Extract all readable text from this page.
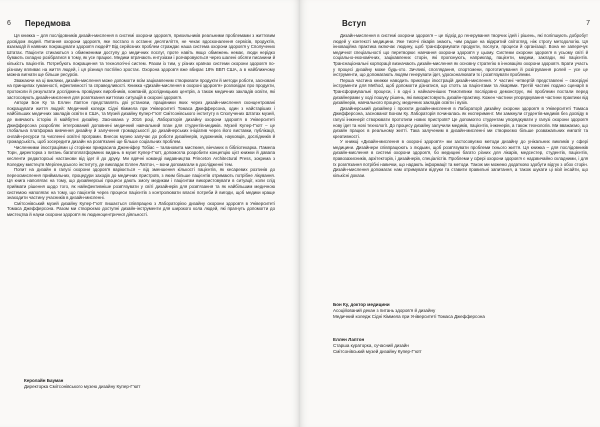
6 Передмова

Ця книжка – для послідовників дизайн-мислення в системі охорони здоров’я, прихильників реальними проблемами з життєвим досвідом людей. Питання охорони здоров’я, яке постало в останнє десятиліття, не чекає вдосконалення сервісів, продуктів, взаємодії й наявних покращувати здоров’я людей? Від серйозних проблем страждає наша система охорони здоров’я у Сполучених Штатах. Пацієнти стикаються з обмеженими доступу до медичних послуг, проте навіть якщо обмежень немає, люди нерідко бувають складно розібратися в тому, як усе працює. Медики втрачають ентузіазм і розчаровуються через шалені обсяги писанини й кількість пацієнтів. Потребують покращення та технологічні систем. Разом із тим, у різних країнах системи охорони здоров’я по-різному впливає на життя людей, і ця різниця постійно зростає. Охорона здоров’я вже вбирає 18% ВВП США, а в найближчому можна вигнати ще більше ресурсів.

Зважаючи на ці виклики, дизайн-мислення може допомогти всім зацікавленим створювати продукти й методи роботи, засновані на принципах гуманності, ефективності та справедливості. Книжка «Дизайн-мислення в охороні здоров’я» розповідає про продукти, протоколи й результати досліджень провідних виробників, компаній, дослідницьких центрів, а також медичних закладів освіти, які застосовують дизайн-мислення для розв’язання життєвих ситуацій в охороні здоров’я.

Автори Бон Ку та Еллен Лаптон представлять дві установи, працівники яких через дизайн-мислення сконцентровані покращувати життя людей: Медичний коледж Сідні Кіммела при Університеті Томаса Джефферсона, один з найстаріших і найбільших медичних закладів освіти в США, та Музей дизайну Купер-Г’юїт Смітсонівського інституту в Сполучених Штатах музей, де вивчають історію й майбутнє дизайну. Заснована у 2016 році, Лабораторія дизайну охорони здоров’я в Університеті Джефферсона розробляє інтегрований доповнені медичний навчальний план для студентів-медиків. Музей Купер-Г’юїт – це глобальна платформа вивчення дизайну й залучення громадськості до дизайнерських ініціатив через його виставки, публікації, онлайн-ресурси та численні освітні програми. Внесок музею залучає до роботи дизайнерів, художників, науковців, дослідників й громадськість, щоб зосередити дизайн на розв’язанні ще більше соціальних проблем.

Численними ілюстраціями ці сторінки прикрасила Дженніфер Тобіас – талановита мисткиня, вінчаних в бібліотекарка. Памела Торн, директорка з питань багатоплатформних видань в музеї Купер-Г’юїт, допомогла розробити концепцію цієї книжки й давала кесленти редакторські настанови від ідеї й до друку. Ми вдячні команді видавництва Princeton Architectural Press, зокрема з Коледжу мистецтв Мерілендського інституту, де викладає Еллен Лаптон, – вони допомагали в дослідженні тем.

Попит на дизайн в галузі охорони здоров’я варіюється – від зменшення кількості пацієнтів, як кесаревих розтинів до переосмислення приймальних, процедури заходів до медичних пристроїв, з яким більше пацієнтів отримають потрібне лікування. Ця книга наполягає на тому, що дизайнерські процеси дають змогу медикам і пацієнтам використовувати в ситуації, коли слід приймати рішення щодо того, як найефективніше розв’язувати у світі дизайнерів для розв’язання та як найбільшим медичною системою наполягає на тому, що пацієнтів через процеси пацієнтів з контролювати власні потреби й вигоди, щоб медики краще знаходити частину учасників в дизайн-мисленні.

Смітсонівський музей дизайну Купер-Г’юїт пишається співпрацею з Лабораторією дизайну охорони здоров’я в Університеті Томаса Джефферсона. Разом ми створюємо доступні дизайн-інструменти для широкого кола людей, які прагнуть допомогти до мистецтва й науки охорони здоров’я як людиноцентричної діяльності.

Керолайн Бауман
Директорка Смітсонівського музею дизайну Купер-Г’юїт
7
Вступ

Дизайн-мислення в системі охорони здоров’я – це підхід до генерування творчих ідей і рішень, які поліпшують добробут людей у контексті медицини. Уже тисячі лікарів знають, чим радше на відкритий світогляд, ніж строгу методологію. Ця інноваційна практика включає людину, щоб трансформувати продукти, послуги, процеси й організації. Вона не заперечує медичної спеціальності що перетворює навчання охорони здоров’я у цьому. Системи охорони здоров’я в усьому світі й соціально-економічних, зацікавлених сторін, які пропонують, наприклад, пацієнти, медики, заклади, які пацієнтів. Транснаціональні корпорації визначають дизайн-мислення як основну стратегію в інноваціях охорони здоров’я. Брати участь у процесі дизайну може будь-хто. Зичливі, споглядання, спортсмени, прототипування й розігрування ролей – усе це інструменти, що допомагають людям генерувати ідеї, удосконалювати їх і розв’язувати проблеми.

Перша частина книжки наводить приклади ілюстрацій дизайн-мислення. У частині четвертій представлені – своєрідні інструменти для Method, щоб допомогти дізнатися, що стоїть за пацієнтами та лікарями. Третій частині подано сценарії в Трансформувальні процеси, і в одні з найнаочніших Темотипики послідовно демонструє, які проблеми постали перед дизайнерами у ході пошуку рішень, які використовують дизайн-практику. Кожен частини упорядкування частини практики від дизайнерів, навчального процесу, медичних закладів освіти і вузів.

Дизайнерський дизайнер і проєкти дизайн-мислення в Лабораторії дизайну охорони здоров’я в Університеті Томаса Джефферсона, заснованої Боном Ку. Лабораторія починалась як експеримент. Ми замкнули студентів-медиків без досвіду в галузі інженерії створювати прототипи нових пристроїв? Це допомогло студентам упорядкувати у галузі охорони здоров’я нову ідеї та нові технології. До процесу дизайну залучили медиків, пацієнтів, інженерів, а також технологів. Ми вважаємо, що дизайн працює в реальному житті. Така залученим в дизайн-мисленні ми створюємо більше розважальних емпатії та креативності.

У книжці «Дизайн-мислення в охороні здоров’я» ми застосовуємо методи дизайну до унікальних викликів у сфері медицини. Дизайнери співпрацюють з людьми, щоб розв’язувати проблеми їхнього життя. Ця книжка – для послідовників дизайн-мислення в системі охорони здоров’я, бо медицині багато різних для лікарів, медсестер, студентів, пацієнтів, правозахисників, архітекторів, і дизайнерів, спеціалістів. Проблеми у сфері охорони здоров’я є надзвичайно складними, і для їх розв’язання потрібні навички, що надають інформації та методи. Також ми можемо додатково здобути відгук з обох сторін. Дизайн-мислення допомагає нам отримувати відгуки та ставити правильні запитання, а також шукати ці візії інсайти, що кількісні докази.

Бон Ку, доктор медицини
Асоційований декан з питань здоров’я й дизайну
Медичний коледж Сідні Кіммела при Університеті Томаса Джефферсона
Еллен Лаптон
Старша кураторка, сучасний дизайн
Смітсонівський музей дизайну Купер-Г’юїт
